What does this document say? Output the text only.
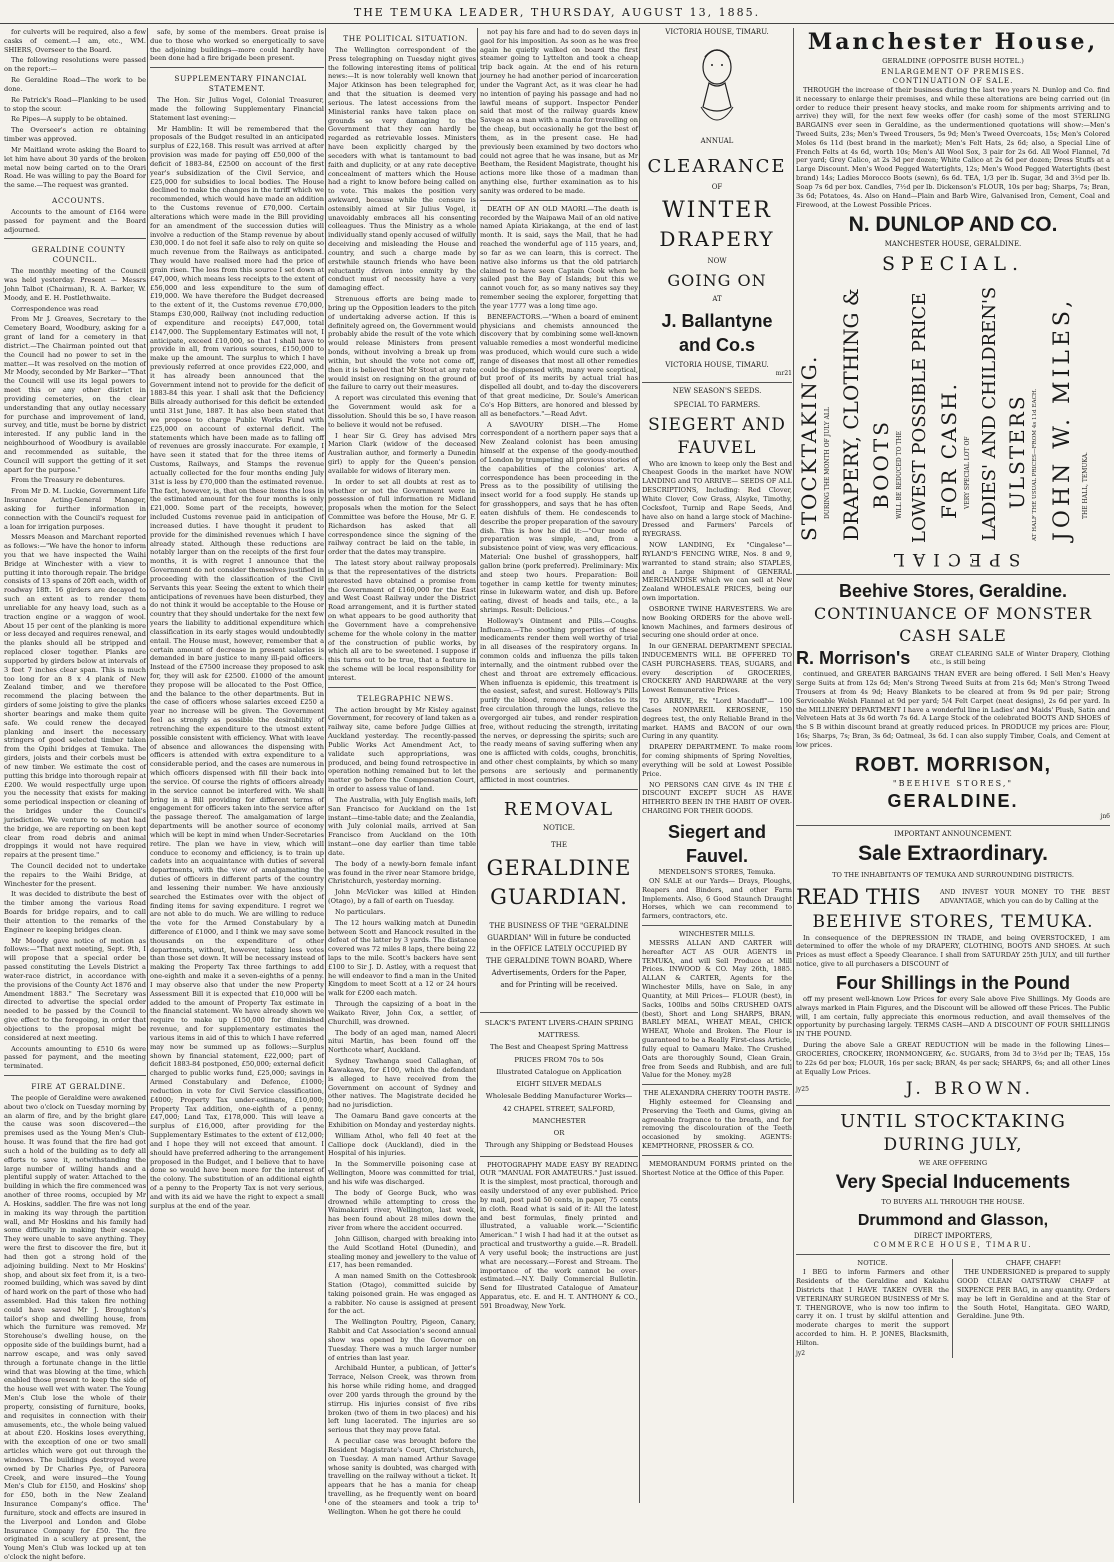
THE TEMUKA LEADER, THURSDAY, AUGUST 13, 1885.

for culverts will be required, also a few casks of cement.—I am, etc., WM. SHIERS, Overseer to the Board.

The following resolutions were passed on the report:—

Re Geraldine Road—The work to be done.

Re Patrick's Road—Planking to be used to stop the scour.

Re Pipes—A supply to be obtained.

The Overseer's action re obtaining timber was approved.

Mr Maitland wrote asking the Board to let him have about 30 yards of the broken metal now being carted on to the Orari Road. He was willing to pay the Board for the same.—The request was granted.

ACCOUNTS.

Accounts to the amount of £164 were passed for payment and the Board adjourned.

GERALDINE COUNTY COUNCIL.

The monthly meeting of the Council was held yesterday. Present — Messrs John Talbot (Chairman), R. A. Barker, W. Moody, and E. H. Postlethwaite.

Correspondence was read

From Mr J. Greaves, Secretary to the Cemetery Board, Woodbury, asking for a grant of land for a cemetery in that district.—The Chairman pointed out that the Council had no power to set in the matter.—It was resolved on the motion of Mr Moody, seconded by Mr Barker—"That the Council will use its legal powers to meet this or any other district in providing cemeteries, on the clear understanding that any outlay necessary for purchase and improvement of land, survey, and title, must be borne by district interested. If any public land in the neighbourhood of Woodbury is available and recommended as suitable, the Council will support the getting of it set apart for the purpose."

From the Treasury re debentures.

From Mr D. M. Luckie, Government Life Insurance Acting-General Manager, asking for further information in connection with the Council's request for a loan for irrigation purposes.

Messrs Meason and Marchant reported as follows:—"We have the honor to inform you that we have inspected the Waihi Bridge at Winchester with a view to putting it into thorough repair. The bridge consists of 13 spans of 20ft each, width of roadway 18ft. 16 girders are decayed to such an extent as to render them unreliable for any heavy load, such as a traction engine or a waggon of wool. About 15 per cent of the planking is more or less decayed and requires renewal, and the planks should all be stripped and replaced closer together. Planks are supported by girders below at intervals of 3 feet 7 inches clear span. This is much too long for an 8 x 4 plank of New Zealand timber, and we therefore recommend the placing between the girders of some joisting to give the planks shorter bearings and make them quite safe. We could renew the decayed planking and insert the necessary stringers of good selected timber taken from the Opihi bridges at Temuka. The girders, joists and their corbels must be of new timber. We estimate the cost of putting this bridge into thorough repair at £200. We would respectfully urge upon you the necessity that exists for making some periodical inspection or cleaning of the bridges under the Council's jurisdiction. We venture to say that had the bridge, we are reporting on been kept clear from road debris and animal droppings it would not have required repairs at the present time."

The Council decided not to undertake the repairs to the Waihi Bridge, at Winchester for the present.

It was decided to distribute the best of the timber among the various Road Boards for bridge repairs, and to call their attention to the remarks of the Engineer re keeping bridges clean.

Mr Moody gave notice of motion as follows:—"That next meeting, Sept. 9th, I will propose that a special order be passed constituting the Levels District a water-race district, in accordance with the provisions of the County Act 1876 and Amendment 1883." The Secretary was directed to advertise the special order needed to be passed by the Council to give effect to the foregoing, in order that objections to the proposal might be considered at next meeting.

Accounts amounting to £510 6s were passed for payment, and the meeting terminated.

FIRE AT GERALDINE.

The people of Geraldine were awakened about two o'clock on Tuesday morning by an alarm of fire, and by the bright glare the cause was soon discovered—the premises used as the Young Men's Club-house. It was found that the fire had got such a hold of the building as to defy all efforts to save it, notwithstanding the large number of willing hands and a plentiful supply of water. Attached to the building in which the fire commenced was another of three rooms, occupied by Mr A. Hoskins, saddler. The fire was not long in making its way through the partition wall, and Mr Hoskins and his family had some difficulty in making their escape. They were unable to save anything. They were the first to discover the fire, but it had then got a strong hold of the adjoining building. Next to Mr Hoskins' shop, and about six feet from it, is a two-roomed building, which was saved by dint of hard work on the part of those who had assembled. Had this taken fire nothing could have saved Mr J. Broughton's tailor's shop and dwelling house, from which the furniture was removed. Mr Storehouse's dwelling house, on the opposite side of the buildings burnt, had a narrow escape, and was only saved through a fortunate change in the little wind that was blowing at the time, which enabled those present to keep the side of the house well wet with water. The Young Men's Club lose the whole of their property, consisting of furniture, books, and requisites in connection with their amusements, etc., the whole being valued at about £20. Hoskins loses everything, with the exception of one or two small articles which were got out through the windows. The buildings destroyed were owned by Dr Charles Pye, of Pareora Creek, and were insured—the Young Men's Club for £150, and Hoskins' shop for £50, both in the New Zealand Insurance Company's office. The furniture, stock and effects are insured in the Liverpool and London and Globe Insurance Company for £50. The fire originated in a scullery at present, the Young Men's Club was locked up at ten o'clock the night before.

safe, by some of the members. Great praise is due to those who worked so energetically to save the adjoining buildings—more could hardly have been done had a fire brigade been present.

SUPPLEMENTARY FINANCIAL STATEMENT.

The Hon. Sir Julius Vogel, Colonial Treasurer, made the following Supplementary Financial Statement last evening:—

Mr Hamblin: It will be remembered that the proposals of the Budget resulted in an anticipated surplus of £22,168. This result was arrived at after provision was made for paying off £50,000 of the deficit of 1883-84, £2500 on account of the first year's subsidization of the Civil Service, and £25,000 for subsidies to local bodies. The House declined to make the changes in the tariff which we recommended, which would have made an addition to the Customs revenue of £70,000. Certain alterations which were made in the Bill providing for an amendment of the succession duties will involve a reduction of the Stamp revenue by about £30,000. I do not feel it safe also to rely on quite so much revenue from the Railways as anticipated. They would have realised more had the price of grain risen. The loss from this source I set down at £47,000, which means less receipts to the extent of £56,000 and less expenditure to the sum of £19,000. We have therefore the Budget decreased to the extent of it, the Customs revenue £70,000, Stamps £30,000, Railway (not including reduction of expenditure and receipts) £47,000, total £147,000. The Supplementary Estimates will not, I anticipate, exceed £10,000, so that I shall have to provide in all, from various sources, £150,000 to make up the amount. The surplus to which I have previously referred at once provides £22,000, and it has already been announced that the Government intend not to provide for the deficit of 1883-84 this year. I shall ask that the Deficiency Bills already authorised for this deficit be extended until 31st June, 1887. It has also been stated that we propose to charge Public Works Fund with £25,000 on account of external deficit. The statements which have been made as to falling off of revenues are grossly inaccurate. For example, I have seen it stated that for the three items of Customs, Railways, and Stamps the revenue actually collected for the four months ending July 31st is less by £70,000 than the estimated revenue. The fact, however, is, that on these items the loss in the estimated amount for the four months is only £21,000. Some part of the receipts, however, included Customs revenue paid in anticipation of increased duties. I have thought it prudent to provide for the diminished revenues which I have already stated. Although these reductions are notably larger than on the receipts of the first four months, it is with regret I announce that the Government do not consider themselves justified in proceeding with the classification of the Civil Servants this year. Seeing the extent to which their anticipations of revenues have been disturbed, they do not think it would be acceptable to the House or country that they should undertake for the next few years the liability to additional expenditure which classification in its early stages would undoubtedly entail. The House must, however, remember that a certain amount of decrease in present salaries is demanded in bare justice to many ill-paid officers. Instead of the £7500 increase they proposed to ask for, they will ask for £2500. £1000 of the amount they propose will be allocated to the Post Office, and the balance to the other departments. But in the case of officers whose salaries exceed £250 a year no increase will be given. The Government feel as strongly as possible the desirability of retrenching the expenditure to the utmost extent possible consistent with efficiency. What with leave of absence and allowances the dispensing with officers is attended with extra expenditure to a considerable period, and the cases are numerous in which officers dispensed with fill their back into the service. Of course the rights of officers already in the service cannot be interfered with. We shall bring in a Bill providing for different terms of engagement for officers taken into the service after the passage thereof. The amalgamation of large departments will be another source of economy which will be kept in mind when Under-Secretaries retire. The plan we have in view, which will conduce to economy and efficiency, is to train up cadets into an acquaintance with duties of several departments, with the view of amalgamating the duties of officers in different parts of the country and lessening their number. We have anxiously searched the Estimates over with the object of finding items for saving expenditure. I regret we are not able to do much. We are willing to reduce the vote for the Armed Constabulary by a difference of £1000, and I think we may save some thousands on the expenditure of other departments, without, however, taking less votes than those set down. It will be necessary instead of making the Property Tax three farthings to add one-eighth and make it a seven-eighths of a penny. I may observe also that under the new Property Assessment Bill it is expected that £10,000 will be added to the amount of Property Tax estimate in the financial statement. We have already shown we require to make up £150,000 for diminished revenue, and for supplementary estimates the various items in aid of this to which I have referred may now be summed up as follows:—Surplus shown by financial statement, £22,000; part of deficit 1883-84 postponed, £50,000; external deficit charged to public works fund, £25,000; savings in Armed Constabulary and Defence, £1000; reduction in vote for Civil Service classification, £4000; Property Tax under-estimate, £10,000; Property Tax addition, one-eighth of a penny, £47,000; Land Tax, £178,000. This will leave a surplus of £16,000, after providing for the Supplementary Estimates to the extent of £12,000; and I hope they will not exceed that amount. I should have preferred adhering to the arrangement proposed in the Budget, and I believe that to have done so would have been more for the interest of the colony. The substitution of an additional eighth of a penny to the Property Tax is not very serious, and with its aid we have the right to expect a small surplus at the end of the year.

THE POLITICAL SITUATION.

The Wellington correspondent of the Press telegraphing on Tuesday night gives the following interesting items of political news:—It is now tolerably well known that Major Atkinson has been telegraphed for, and that the situation is deemed very serious. The latest accessions from the Ministerial ranks have taken place on grounds so very damaging to the Government that they can hardly be regarded as retrievable losses. Ministers have been explicitly charged by the seceders with what is tantamount to bad faith and duplicity, or at any rate deceptive concealment of matters which the House had a right to know before being called on to vote. This makes the position very awkward, because while the censure is ostensibly aimed at Sir Julius Vogel, it unavoidably embraces all his consenting colleagues. Thus the Ministry as a whole individually stand openly accused of wilfully deceiving and misleading the House and country, and such a charge made by erstwhile staunch friends who have been reluctantly driven into enmity by the conduct must of necessity have a very damaging effect.

Strenuous efforts are being made to bring up the Opposition leaders to the pitch of undertaking adverse action. If this is definitely agreed on, the Government would probably abide the result of the vote which would release Ministers from present bonds, without involving a break up from within, but should the vote not come off, then it is believed that Mr Stout at any rate would insist on resigning on the ground of the failure to carry out their measures.

A report was circulated this evening that the Government would ask for a dissolution. Should this be so, I have reason to believe it would not be refused.

I hear Sir G. Grey has advised Mrs Marion Clark (widow of the deceased Australian author, and formerly a Dunedin girl) to apply for the Queen's pension available for widows of literary men.

In order to set all doubts at rest as to whether or not the Government were in possession of full information re Midland proposals when the motion for the Select Committee was before the House, Mr G. F. Richardson has asked that all correspondence since the signing of the railway contract be laid on the table, in order that the dates may transpire.

The latest story about railway proposals is that the representatives of the districts interested have obtained a promise from the Government of £160,000 for the East and West Coast Railway under the District Road arrangement, and it is further stated on what appears to be good authority that the Government have a comprehensive scheme for the whole colony in the matter of the construction of public works, by which all are to be sweetened. I suppose if this turns out to be true, that a feature in the scheme will be local responsibility for interest.

TELEGRAPHIC NEWS.

The action brought by Mr Kisley against Government, for recovery of land taken as a railway site, came before Judge Gillies at Auckland yesterday. The recently-passed Public Works Act Amendment Act, to validate such appropriations, was produced, and being found retrospective in operation nothing remained but to let the matter go before the Compensation Court, in order to assess value of land.

The Australia, with July English mails, left San Francisco for Auckland on the 1st instant—time-table date; and the Zealandia, with July colonial mails, arrived at San Francisco from Auckland on the 10th instant—one day earlier than time table date.

The body of a newly-born female infant was found in the river near Stamore bridge, Christchurch, yesterday morning.

John McVicker was killed at Hinden (Otago), by a fall of earth on Tuesday.

No particulars.

The 12 hours walking match at Dunedin between Scott and Hancock resulted in the defeat of the latter by 3 yards. The distance covered was 72 miles 8 laps, there being 22 laps to the mile. Scott's backers have sent £100 to Sir J. D. Astley, with a request that he will endeavor to find a man in the United Kingdom to meet Scott at a 12 or 24 hours walk for £200 each match.

Through the capsizing of a boat in the Waikato River, John Cox, a settler, of Churchill, was drowned.

The body of an aged man, named Alecri nitui Martin, has been found off the Northcote wharf, Auckland.

Sydney Tawhanga sued Callaghan, of Kawakawa, for £100, which the defendant is alleged to have received from the Government on account of Sydney and other natives. The Magistrate decided he had no jurisdiction.

The Oamaru Band gave concerts at the Exhibition on Monday and yesterday nights.

William Athol, who fell 40 feet at the Calliope dock (Auckland), died in the Hospital of his injuries.

In the Sommerville poisoning case at Wellington, Moore was committed for trial, and his wife was discharged.

The body of George Buck, who was drowned while attempting to cross the Waimakariri river, Wellington, last week, has been found about 28 miles down the river from where the accident occurred.

John Gillison, charged with breaking into the Auld Scotland Hotel (Dunedin), and stealing money and jewellery to the value of £17, has been remanded.

A man named Smith on the Cottesbrook Station (Otago), committed suicide by taking poisoned grain. He was engaged as a rabbiter. No cause is assigned at present for the act.

The Wellington Poultry, Pigeon, Canary, Rabbit and Cat Association's second annual show was opened by the Governor on Tuesday. There was a much larger number of entries than last year.

Archibald Hunter, a publican, of Jetter's Terrace, Nelson Creek, was thrown from his horse while riding home, and dragged over 200 yards through the ground by the stirrup. His injuries consist of five ribs broken (two of them in two places) and his left lung lacerated. The injuries are so serious that they may prove fatal.

A peculiar case was brought before the Resident Magistrate's Court, Christchurch, on Tuesday. A man named Arthur Savage whose sanity is doubted, was charged with travelling on the railway without a ticket. It appears that he has a mania for cheap travelling, as he frequently went on board one of the steamers and took a trip to Wellington. When he got there he could

not pay his fare and had to do seven days in gaol for his imposition. As soon as he was free again he quietly walked on board the first steamer going to Lyttelton and took a cheap trip back again. At the end of his return journey he had another period of incarceration under the Vagrant Act, as it was clear he had no intention of paying his passage and had no lawful means of support. Inspector Pender said that most of the railway guards knew Savage as a man with a mania for travelling on the cheap, but occasionally he got the best of them, as in the present case. He had previously been examined by two doctors who could not agree that he was insane, but as Mr Beetham, the Resident Magistrate, thought his actions more like those of a madman than anything else, further examination as to his sanity was ordered to be made.

DEATH OF AN OLD MAORI.—The death is recorded by the Waipawa Mail of an old native named Apiata Kiriakanga, at the end of last month. It is said, says the Mail, that he had reached the wonderful age of 115 years, and, so far as we can learn, this is correct. The native also informs us that the old patriarch claimed to have seen Captain Cook when he sailed past the Bay of Islands; but this we cannot vouch for, as so many natives say they remember seeing the explorer, forgetting that the year 1777 was a long time ago.

BENEFACTORS.—"When a board of eminent physicians and chemists announced the discovery that by combining some well-known valuable remedies a most wonderful medicine was produced, which would cure such a wide range of diseases that most all other remedies could be dispensed with, many were sceptical, but proof of its merits by actual trial has dispelled all doubt, and to-day the discoverers of that great medicine, Dr. Soule's American Co's Hop Bitters, are honored and blessed by all as benefactors."—Read Advt.

A SAVOURY DISH.—The Home correspondent of a northern paper says that a New Zealand colonist has been amusing himself at the expense of the goody-mouthed of London by trumpeting all previous stories of the capabilities of the colonies' art. A correspondence has been proceeding in the Press as to the possibility of utilising the insect world for a food supply. He stands up for grasshoppers, and says that he has often eaten dishfuls of them. He condescends to describe the proper preparation of the savoury dish. This is how he did it:—"Our mode of preparation was simple, and, from a subsistence point of view, was very efficacious. Material: One bushel of grasshoppers, half gallon brine (pork preferred). Preliminary: Mix and steep two hours. Preparation: Boil together in camp kettle for twenty minutes; rinse in lukewarm water, and dish up. Before eating, divest of heads and tails, etc., a la shrimps. Result: Delicious."

Holloway's Ointment and Pills.—Coughs. Influenza.—The soothing properties of these medicaments render them well worthy of trial in all diseases of the respiratory organs. In common colds and influenza the pills taken internally, and the ointment rubbed over the chest and throat are extremely efficacious. When influenza is epidemic, this treatment is the easiest, safest, and surest. Holloway's Pills purify the blood, remove all obstacles to its free circulation through the lungs, relieve the overgorged air tubes, and render respiration free, without reducing the strength, irritating the nerves, or depressing the spirits; such are the ready means of saving suffering when any one is afflicted with colds, coughs, bronchitis, and other chest complaints, by which so many persons are seriously and permanently afflicted in most countries.

REMOVAL
NOTICE.
THE
GERALDINE
GUARDIAN.

THE BUSINESS OF THE "GERALDINE GUARDIAN" Will in future be conducted in the OFFICE LATELY OCCUPIED BY THE GERALDINE TOWN BOARD, Where Advertisements, Orders for the Paper, and for Printing will be received.

SLACK'S PATENT LIVERS-CHAIN SPRING MATTRESS.
The Best and Cheapest Spring Mattress
PRICES FROM 70s to 50s
Illustrated Catalogue on Application
EIGHT SILVER MEDALS
Wholesale Bedding Manufacturer Works—
42 CHAPEL STREET, SALFORD, MANCHESTER
OR
Through any Shipping or Bedstead Houses

PHOTOGRAPHY MADE EASY BY READING OUR "MANUAL FOR AMATEURS." Just issued. It is the simplest, most practical, thorough and easily understood of any ever published. Price by mail, post paid 50 cents, in paper, 75 cents in cloth. Read what is said of it: All the latest and best formulas, finely printed and illustrated, a valuable work.—"Scientific American." I wish I had had it at the outset as practical and trustworthy a guide.—R. Bradell. A very useful book; the instructions are just what are necessary.—Forest and Stream. The importance of the work cannot be over-estimated.—N.Y. Daily Commercial Bulletin. Send for Illustrated Catalogue of Amateur Apparatus, etc. E. and H. T. ANTHONY & CO., 591 Broadway, New York.

VICTORIA HOUSE, TIMARU.
ANNUAL
CLEARANCE
OF
WINTER
DRAPERY
NOW
GOING ON
AT
J. Ballantyne
and Co.s
VICTORIA HOUSE, TIMARU.
mr21
NEW SEASON'S SEEDS.
SPECIAL TO FARMERS.
SIEGERT AND
FAUVEL

Who are known to keep only the Best and Cheapest Goods in the market have NOW LANDING and TO ARRIVE— SEEDS OF ALL DESCRIPTIONS, Including: Red Clover, White Clover, Cow Grass, Alsyke, Timothy, Cocksfoot, Turnip and Rape Seeds, And have also on hand a large stock of Machine-Dressed and Farmers' Parcels of RYEGRASS.

NOW LANDING, Ex "Cingalese"— RYLAND'S FENCING WIRE, Nos. 8 and 9, warranted to stand strain; also STAPLES, and a Large Shipment of GENERAL MERCHANDISE which we can sell at New Zealand WHOLESALE PRICES, being our own importation.

OSBORNE TWINE HARVESTERS. We are now Booking ORDERS for the above well-known Machines, and farmers desirous of securing one should order at once.

In our GENERAL DEPARTMENT SPECIAL INDUCEMENTS WILL BE OFFERED TO CASH PURCHASERS. TEAS, SUGARS, and every description of GROCERIES, CROCKERY AND HARDWARE at the very Lowest Remunerative Prices.

TO ARRIVE, Ex "Lord Macduff"— 100 Cases NONPAREIL KEROSENE, 150 degrees test, the only Reliable Brand in the market. HAMS and BACON of our own Curing in any quantity.

DRAPERY DEPARTMENT. To make room for coming shipments of Spring Novelties, everything will be sold at Lowest Possible Price.

NO PERSONS CAN GIVE 4s IN THE £ DISCOUNT EXCEPT SUCH AS HAVE HITHERTO BEEN IN THE HABIT OF OVER-CHARGING FOR THEIR GOODS.

Siegert and
Fauvel.
MENDELSON'S STORES, Temuka.

ON SALE at our Yards— Drays, Ploughs, Reapers and Binders, and other Farm Implements. Also, 6 Good Staunch Draught Horses, which we can recommend to farmers, contractors, etc.

WINCHESTER MILLS.

MESSRS ALLAN AND CARTER will hereafter ACT AS OUR AGENTS in TEMUKA, and will Sell Produce at Mill Prices. INWOOD & CO. May 26th, 1885. ALLAN & CARTER, Agents for the Winchester Mills, have on Sale, in any Quantity, at Mill Prices— FLOUR (best), in Sacks, 100lbs and 50lbs CRUSHED OATS (best), Short and Long SHARPS, BRAN, BARLEY MEAL, WHEAT MEAL, CHICK WHEAT, Whole and Broken. The Flour is guaranteed to be a Really First-class Article, fully equal to Oamaru Make. The Crushed Oats are thoroughly Sound, Clean Grain, free from Seeds and Rubbish, and are full Value for the Money. my28

THE ALEXANDRA CHERRY TOOTH PASTE.

Highly esteemed for Cleansing and Preserving the Teeth and Gums, giving an agreeable fragrance to the breath, and for removing the discolouration of the Teeth occasioned by smoking. AGENTS: KEMPTHORNE, PROSSER & CO.

MEMORANDUM FORMS printed on the Shortest Notice at the Office of this Paper.

Manchester House,
GERALDINE (OPPOSITE BUSH HOTEL.)
ENLARGEMENT OF PREMISES.
CONTINUATION OF SALE.

THROUGH the increase of their business during the last two years N. Dunlop and Co. find it necessary to enlarge their premises, and while these alterations are being carried out (in order to reduce their present heavy stocks, and make room for shipments arriving and to arrive) they will, for the next few weeks offer (for cash) some of the most STERLING BARGAINS ever seen in Geraldine, as the undermentioned quotations will show:—Men's Tweed Suits, 23s; Men's Tweed Trousers, 5s 9d; Men's Tweed Overcoats, 15s; Men's Colored Moles 6s 11d (best brand in the market); Men's Felt Hats, 2s 6d; also, a Special Line of French Felts at 4s 6d, worth 10s; Men's All Wool Sox, 3 pair for 2s 6d. All Wool Flannel, 7d per yard; Grey Calico, at 2s 3d per dozen; White Calico at 2s 6d per dozen; Dress Stuffs at a Large Discount. Men's Wood Pegged Watertights, 12s; Men's Wood Pegged Watertights (best brand) 14s; Ladies Morocco Boots (sewn), 6s 6d. TEA, 1/3 per lb. Sugar, 3d and 3½d per lb. Soap 7s 6d per box. Candles, 7½d per lb. Dickenson's FLOUR, 10s per bag; Sharps, 7s; Bran, 3s 6d; Potatoes, 4s. Also on Hand—Plain and Barb Wire, Galvanised Iron, Cement, Coal and Firewood, at the Lowest Possible Prices.

N. DUNLOP AND CO.
MANCHESTER HOUSE, GERALDINE.
SPECIAL.
STOCKTAKING. DURING THE MONTH OF JULY ALL DRAPERY, CLOTHING & BOOTS WILL BE REDUCED TO THE LOWEST POSSIBLE PRICE FOR CASH. VERY SPECIAL LOT OF LADIES' AND CHILDREN'S ULSTERS AT HALF THE USUAL PRICES—FROM 4s 11d EACH. JOHN W. MILES,	THE HALL, TEMUKA.
SPECIAL
Beehive Stores, Geraldine.
CONTINUANCE OF MONSTER
CASH SALE
R. Morrison's	GREAT CLEARING SALE of Winter Drapery, Clothing etc., is still being

continued, and GREATER BARGAINS THAN EVER are being offered. I Sell Men's Heavy Serge Suits at from 12s 6d; Men's Strong Tweed Suits at from 21s 6d; Men's Strong Tweed Trousers at from 4s 9d; Heavy Blankets to be cleared at from 9s 9d per pair; Strong Serviceable Welsh Flannel at 9d per yard; 5/4 Felt Carpet (neat designs), 2s 6d per yard. In the MILLINERY DEPARTMENT I have a wonderful line in Ladies' and Maids' Plush, Satin and Velveteen Hats at 3s 6d worth 7s 6d. A Large Stock of the celebrated BOOTS AND SHOES of the S B within discount brand at greatly reduced prices. In PRODUCE my prices are: Flour, 16s; Sharps, 7s; Bran, 3s 6d; Oatmeal, 3s 6d. I can also supply Timber, Coals, and Cement at low prices.

ROBT. MORRISON,
"BEEHIVE STORES,"
GERALDINE.
jn6
IMPORTANT ANNOUNCEMENT.
Sale Extraordinary.
TO THE INHABITANTS OF TEMUKA AND SURROUNDING DISTRICTS.
READ THIS	AND INVEST YOUR MONEY TO THE BEST ADVANTAGE, which you can do by Calling at the
BEEHIVE STORES, TEMUKA.

In consequence of the DEPRESSION IN TRADE, and being OVERSTOCKED, I am determined to offer the whole of my DRAPERY, CLOTHING, BOOTS AND SHOES. At such Prices as must effect a Speedy Clearance. I shall from SATURDAY 25th JULY, and till further notice, give to all purchasers a DISCOUNT of

Four Shillings in the Pound

off my present well-known Low Prices for every Sale above Five Shillings. My Goods are always marked in Plain Figures, and the Discount will be allowed off these Prices. The Public will, I am certain, fully appreciate this enormous reduction, and avail themselves of the opportunity by purchasing largely. TERMS CASH—AND A DISCOUNT OF FOUR SHILLINGS IN THE POUND.

During the above Sale a GREAT REDUCTION will be made in the following Lines—GROCERIES, CROCKERY, IRONMONGERY, &c. SUGARS, from 3d to 3½d per lb; TEAS, 15s to 22s 6d per box; FLOUR, 16s per sack; BRAN, 4s per sack; SHARPS, 6s; and all other Lines at Equally Low Prices.

jy25	J. BROWN.
UNTIL STOCKTAKING
DURING JULY,
WE ARE OFFERING
Very Special Inducements
TO BUYERS ALL THROUGH THE HOUSE.
Drummond and Glasson,
DIRECT IMPORTERS,
COMMERCE HOUSE, TIMARU.
NOTICE.

I BEG to inform Farmers and other Residents of the Geraldine and Kakahu Districts that I HAVE TAKEN OVER the VETERINARY SURGEON BUSINESS of Mr S. T. THENGROVE, who is now too infirm to carry it on. I trust by skilful attention and moderate charges to merit the support accorded to him. H. P. JONES, Blacksmith, Hilton.

jy2
CHAFF, CHAFF!

THE UNDERSIGNED is prepared to supply GOOD CLEAN OATSTRAW CHAFF at SIXPENCE PER BAG, in any quantity. Orders may be left in Geraldine and at the Star of the South Hotel, Hangitata. GEO WARD, Geraldine. June 9th.
